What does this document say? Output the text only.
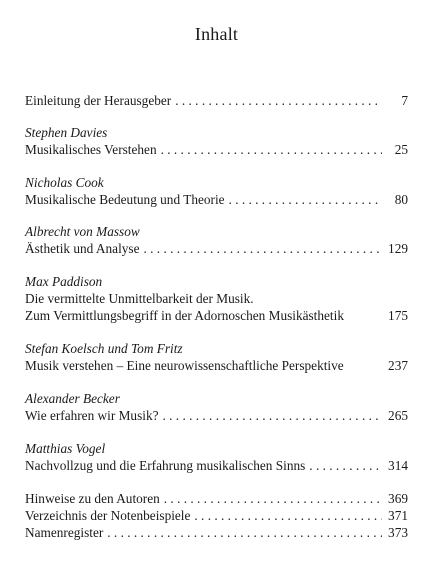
Inhalt
Einleitung der Herausgeber . . .	7
Stephen Davies
Musikalisches Verstehen . . .	25
Nicholas Cook
Musikalische Bedeutung und Theorie . . .	80
Albrecht von Massow
Ästhetik und Analyse . . .	129
Max Paddison
Die vermittelte Unmittelbarkeit der Musik.
Zum Vermittlungsbegriff in der Adornoschen Musikästhetik	175
Stefan Koelsch und Tom Fritz
Musik verstehen – Eine neurowissenschaftliche Perspektive	237
Alexander Becker
Wie erfahren wir Musik? . . .	265
Matthias Vogel
Nachvollzug und die Erfahrung musikalischen Sinns . . .	314
Hinweise zu den Autoren . . .	369
Verzeichnis der Notenbeispiele . . .	371
Namenregister . . .	373
